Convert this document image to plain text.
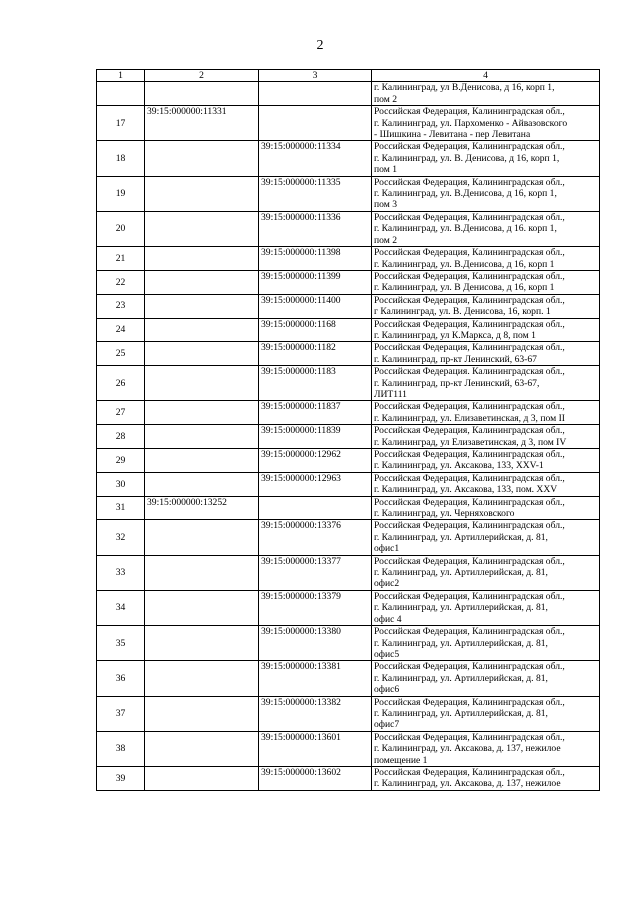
2
1	2	3	4

			г. Калининград, ул В.Денисова, д 16, корп 1,
пом 2

17	39:15:000000:11331		Российская Федерация, Калининградская обл.,
г. Калининград, ул. Пархоменко - Айвазовского
- Шишкина - Левитана - пер Левитана

18		39:15:000000:11334	Российская Федерация, Калининградская обл.,
г. Калининград, ул. В. Денисова, д 16, корп 1,
пом 1

19		39:15:000000:11335	Российская Федерация, Калининградская обл.,
г. Калининград, ул. В.Денисова, д 16, корп 1,
пом 3

20		39:15:000000:11336	Российская Федерация, Калининградская обл.,
г. Калининград, ул. В.Денисова, д 16. корп 1,
пом 2

21		39:15:000000:11398	Российская Федерация, Калининградская обл.,
г. Калининград, ул. В.Денисова, д 16, корп 1

22		39:15:000000:11399	Российская Федерация, Калининградская обл.,
г. Калининград, ул. В Денисова, д 16, корп 1

23		39:15:000000:11400	Российская Федерация, Калининградская обл.,
г Калининград, ул. В. Денисова, 16, корп. 1

24		39:15:000000:1168	Российская Федерация, Калининградская обл.,
г. Калининград, ул К.Маркса, д 8, пом 1

25		39:15:000000:1182	Российская Федерация, Калининградская обл.,
г. Калининград, пр-кт Ленинский, 63-67

26		39:15:000000:1183	Российская Федерация. Калининградская обл.,
г. Калининград, пр-кт Ленинский, 63-67,
ЛИТ111

27		39:15:000000:11837	Российская Федерация, Калининградская обл.,
г. Калининград, ул. Елизаветинская, д 3, пом II

28		39:15:000000:11839	Российская Федерация, Калининградская обл.,
г. Калининград, ул Елизаветинская, д 3, пом IV

29		39:15:000000:12962	Российская Федерация, Калининградская обл.,
г. Калининград, ул. Аксакова, 133, XXV-1

30		39:15:000000:12963	Российская Федерация, Калининградская обл.,
г. Калининград, ул. Аксакова, 133, пом. XXV

31	39:15:000000:13252		Российская Федерация, Калининградская обл.,
г. Калининград, ул. Черняховского

32		39:15:000000:13376	Российская Федерация, Калининградская обл.,
г. Калининград, ул. Артиллерийская, д. 81,
офис1

33		39:15:000000:13377	Российская Федерация, Калининградская обл.,
г. Калининград, ул. Артиллерийская, д. 81,
офис2

34		39:15:000000:13379	Российская Федерация, Калининградская обл.,
г. Калининград, ул. Артиллерийская, д. 81,
офис 4

35		39:15:000000:13380	Российская Федерация, Калининградская обл.,
г. Калининград, ул. Артиллерийская, д. 81,
офис5

36		39:15:000000:13381	Российская Федерация, Калининградская обл.,
г. Калининград, ул. Артиллерийская, д. 81,
офис6

37		39:15:000000:13382	Российская Федерация, Калининградская обл.,
г. Калининград, ул. Артиллерийская, д. 81,
офис7

38		39:15:000000:13601	Российская Федерация, Калининградская обл.,
г. Калининград, ул. Аксакова, д. 137, нежилое
помещение 1

39		39:15:000000:13602	Российская Федерация, Калининградская обл.,
г. Калининград, ул. Аксакова, д. 137, нежилое
